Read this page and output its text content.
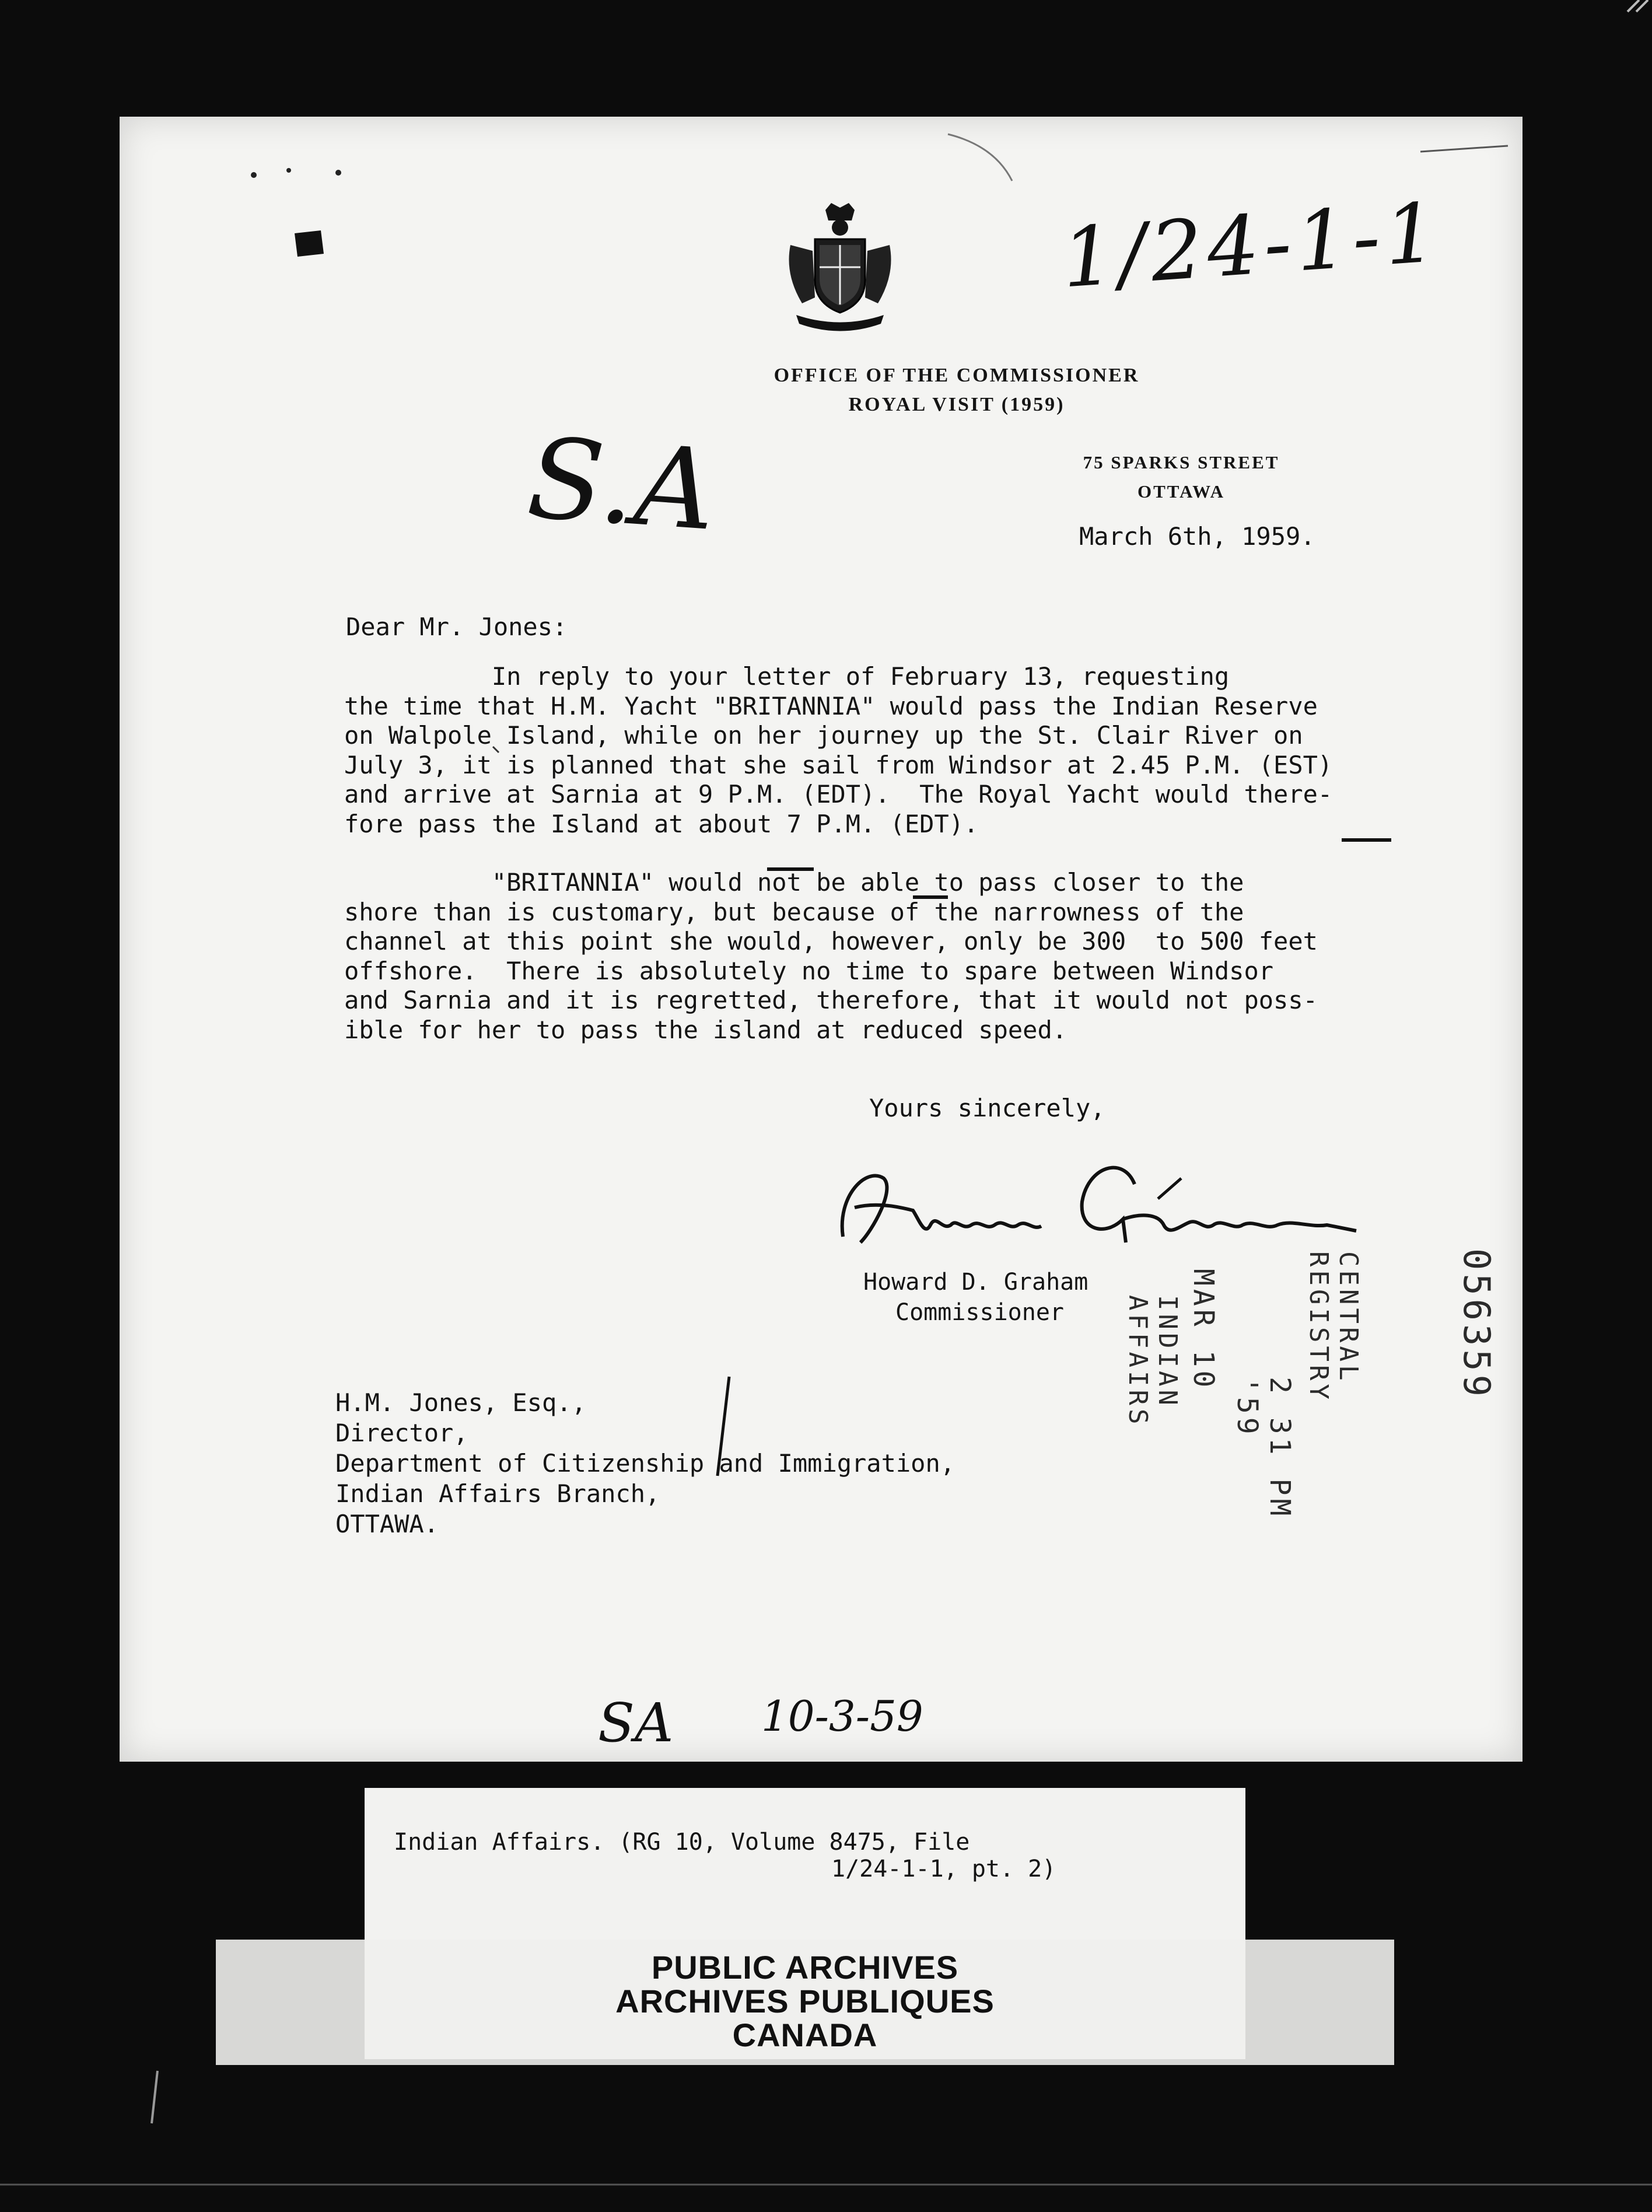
1/24-1-1
S.A
OFFICE OF THE COMMISSIONER
ROYAL VISIT (1959)
75 SPARKS STREET
OTTAWA
March 6th, 1959.
Dear Mr. Jones:
In reply to your letter of February 13, requesting
the time that H.M. Yacht "BRITANNIA" would pass the Indian Reserve
on Walpole Island, while on her journey up the St. Clair River on
July 3, it is planned that she sail from Windsor at 2.45 P.M. (EST)
and arrive at Sarnia at 9 P.M. (EDT).  The Royal Yacht would there-
fore pass the Island at about 7 P.M. (EDT).
"BRITANNIA" would not be able to pass closer to the
shore than is customary, but because of the narrowness of the
channel at this point she would, however, only be 300  to 500 feet
offshore.  There is absolutely no time to spare between Windsor
and Sarnia and it is regretted, therefore, that it would not poss-
ible for her to pass the island at reduced speed.
Yours sincerely,
Howard D. Graham
Commissioner
H.M. Jones, Esq.,
Director,
Department of Citizenship and Immigration,
Indian Affairs Branch,
OTTAWA.
INDIAN AFFAIRS	MAR 10
2 31 PM '59
CENTRAL REGISTRY	056359
SA 10-3-59
Indian Affairs. (RG 10, Volume 8475, File
1/24-1-1, pt. 2)
PUBLIC ARCHIVES
ARCHIVES PUBLIQUES
CANADA
